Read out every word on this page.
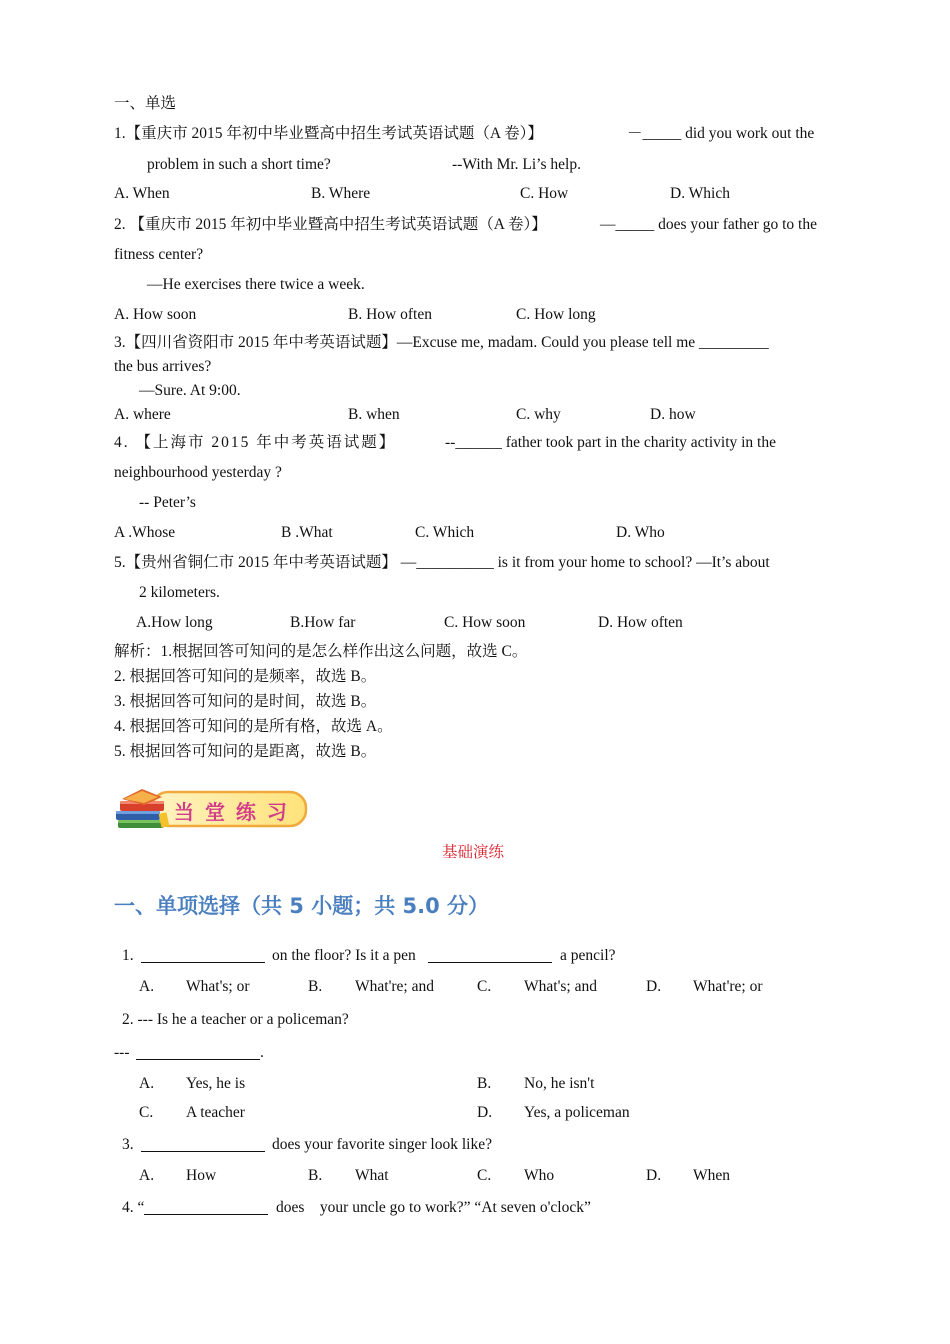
一、单选
1.【重庆市 2015 年初中毕业暨高中招生考试英语试题（A 卷）】	－_____ did you work out the
problem in such a short time?	--With Mr. Li’s help.
A. When	B. Where	C. How	D. Which
2. 【重庆市 2015 年初中毕业暨高中招生考试英语试题（A 卷）】	—_____ does your father go to the
fitness center?
—He exercises there twice a week.
A. How soon	B. How often	C. How long
3.【四川省资阳市 2015 年中考英语试题】—Excuse me, madam. Could you please tell me _________
the bus arrives?
—Sure. At 9:00.
A. where	B. when	C. why	D. how
4. 【上海市 2015 年中考英语试题】	--______ father took part in the charity activity in the
neighbourhood yesterday ?
-- Peter’s
A .Whose	B .What	C. Which	D. Who
5.【贵州省铜仁市 2015 年中考英语试题】 —__________ is it from your home to school? —It’s about
2 kilometers.
A.How long	B.How far	C. How soon	D. How often
解析：1.根据回答可知问的是怎么样作出这么问题，故选 C。
2. 根据回答可知问的是频率，故选 B。
3. 根据回答可知问的是时间，故选 B。
4. 根据回答可知问的是所有格，故选 A。
5. 根据回答可知问的是距离，故选 B。
当 堂 练 习
基础演练
一、单项选择（共 5 小题；共 5.0 分）
1.	on the floor? Is it a pen	a pencil?
A. What's; or	B. What're; and	C. What's; and	D. What're; or
2. --- Is he a teacher or a policeman?
---	.
A. Yes, he is	B. No, he isn't
C. A teacher	D. Yes, a policeman
3.	does your favorite singer look like?
A. How	B. What	C. Who	D. When
4. “	does    your uncle go to work?” “At seven o'clock”
